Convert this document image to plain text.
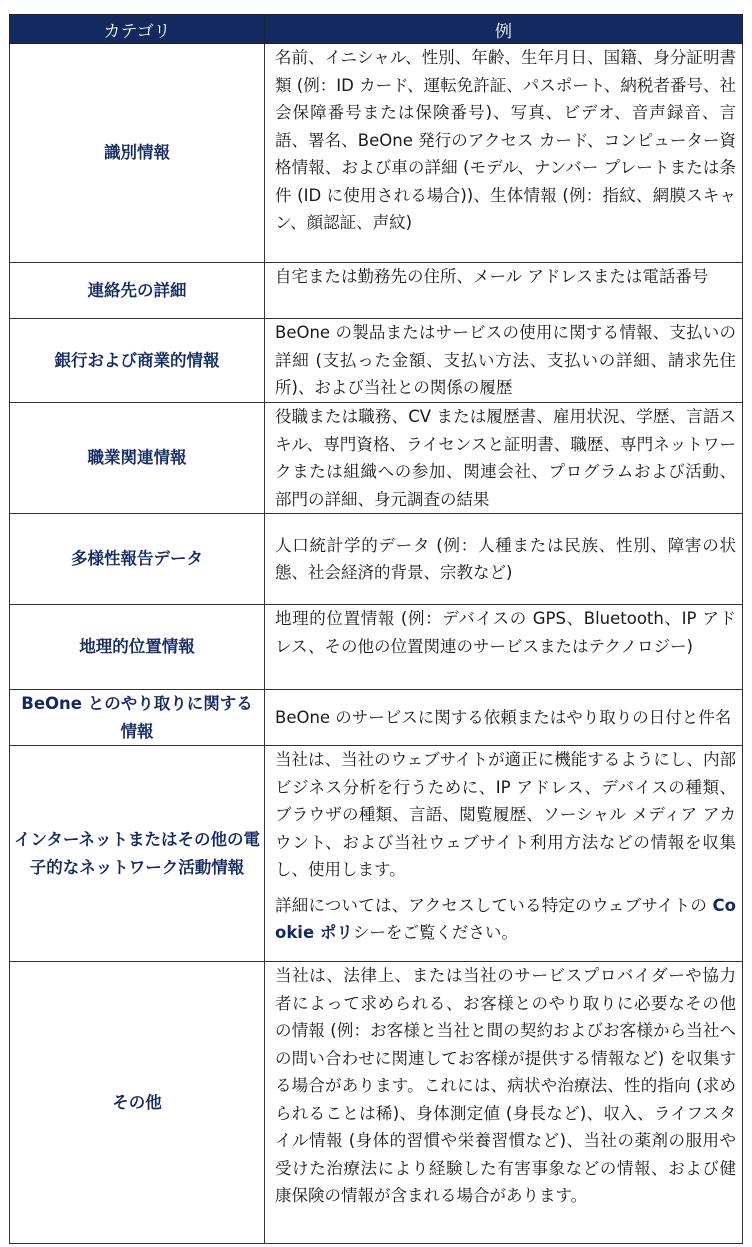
カテゴリ	例
識別情報	名前、イニシャル、性別、年齢、生年月日、国籍、身分証明書類 (例：ID カード、運転免許証、パスポート、納税者番号、社会保障番号または保険番号)、写真、ビデオ、音声録音、言語、署名、BeOne 発行のアクセス カード、コンピューター資格情報、および車の詳細 (モデル、ナンバー プレートまたは条件 (ID に使用される場合))、生体情報 (例：指紋、網膜スキャン、顔認証、声紋)
連絡先の詳細	自宅または勤務先の住所、メール アドレスまたは電話番号
銀行および商業的情報	BeOne の製品またはサービスの使用に関する情報、支払いの詳細 (支払った金額、支払い方法、支払いの詳細、請求先住所)、および当社との関係の履歴
職業関連情報	役職または職務、CV または履歴書、雇用状況、学歴、言語スキル、専門資格、ライセンスと証明書、職歴、専門ネットワークまたは組織への参加、関連会社、プログラムおよび活動、部門の詳細、身元調査の結果
多様性報告データ	人口統計学的データ (例：人種または民族、性別、障害の状態、社会経済的背景、宗教など)
地理的位置情報	地理的位置情報 (例：デバイスの GPS、Bluetooth、IP アドレス、その他の位置関連のサービスまたはテクノロジー)
BeOne とのやり取りに関する情報	BeOne のサービスに関する依頼またはやり取りの日付と件名
インターネットまたはその他の電子的なネットワーク活動情報	当社は、当社のウェブサイトが適正に機能するようにし、内部ビジネス分析を行うために、IP アドレス、デバイスの種類、ブラウザの種類、言語、閲覧履歴、ソーシャル メディア アカウント、および当社ウェブサイト利用方法などの情報を収集し、使用します。

詳細については、アクセスしている特定のウェブサイトの Cookie ポリシーをご覧ください。

その他	当社は、法律上、または当社のサービスプロバイダーや協力者によって求められる、お客様とのやり取りに必要なその他の情報 (例：お客様と当社と間の契約およびお客様から当社への問い合わせに関連してお客様が提供する情報など) を収集する場合があります。これには、病状や治療法、性的指向 (求められることは稀)、身体測定値 (身長など)、収入、ライフスタイル情報 (身体的習慣や栄養習慣など)、当社の薬剤の服用や受けた治療法により経験した有害事象などの情報、および健康保険の情報が含まれる場合があります。
